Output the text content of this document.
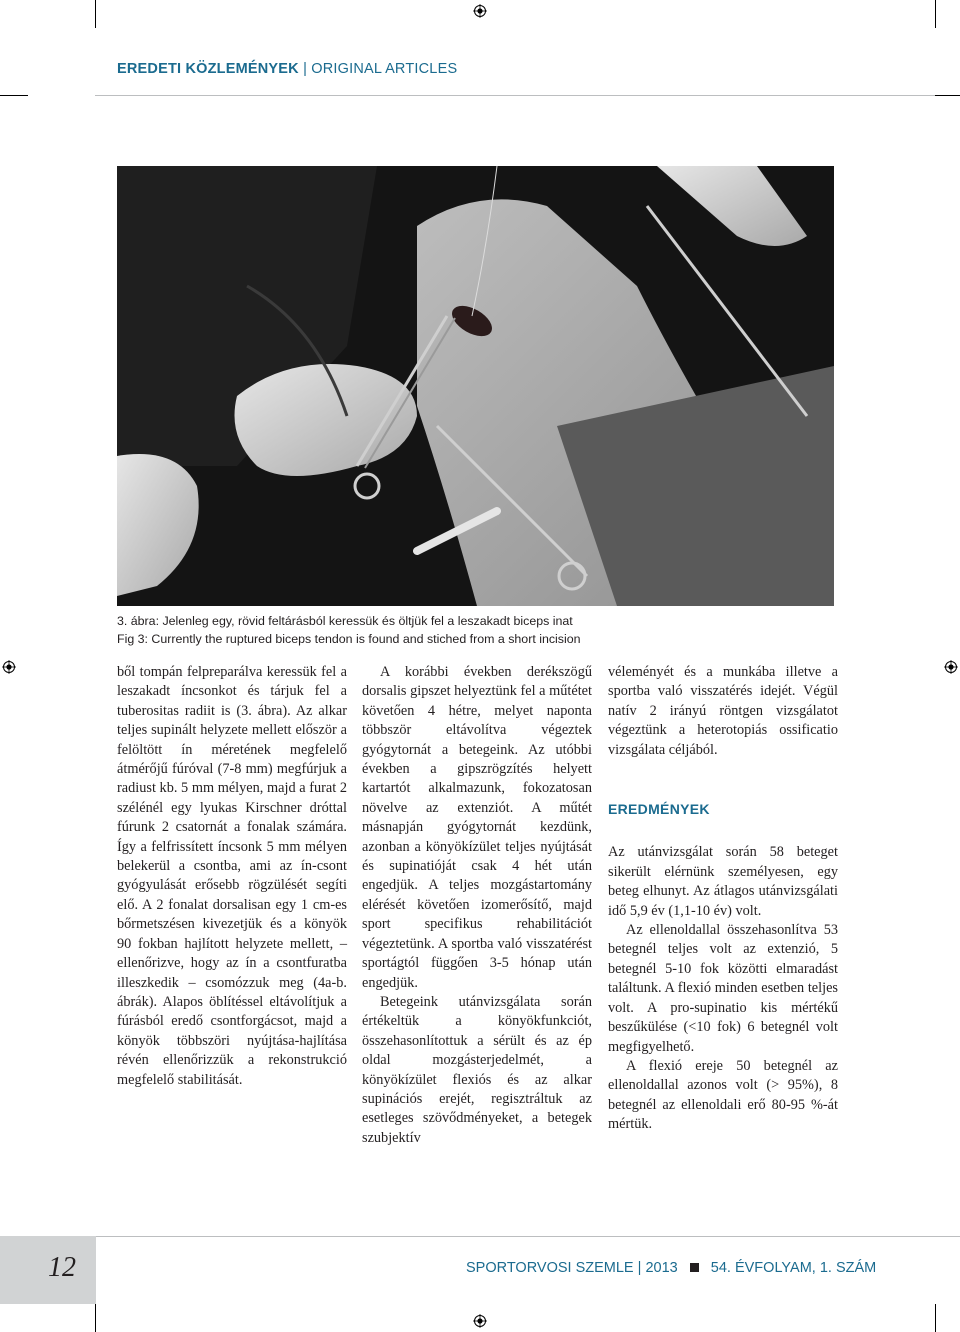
EREDETI KÖZLEMÉNYEK | ORIGINAL ARTICLES
3. ábra: Jelenleg egy, rövid feltárásból keressük és öltjük fel a leszakadt biceps inat
Fig 3: Currently the ruptured biceps tendon is found and stiched from a short incision

ből tompán felpreparálva keressük fel a leszakadt íncsonkot és tárjuk fel a tuberositas radiit is (3. ábra). Az alkar teljes supinált helyzete mellett először a felöltött ín méretének megfelelő átmérőjű fúróval (7-8 mm) megfúrjuk a radiust kb. 5 mm mélyen, majd a furat 2 szélénél egy lyukas Kirschner dróttal fúrunk 2 csatornát a fonalak számára. Így a felfrissített íncsonk 5 mm mélyen belekerül a csontba, ami az ín-csont gyógyulását erősebb rögzülését segíti elő. A 2 fonalat dorsalisan egy 1 cm-es bőrmetszésen kivezetjük és a könyök 90 fokban hajlított helyzete mellett, – ellenőrizve, hogy az ín a csontfuratba illeszkedik – csomózzuk meg (4a-b. ábrák). Alapos öblítéssel eltávolítjuk a fúrásból eredő csontforgácsot, majd a könyök többszöri nyújtása-hajlítása révén ellenőrizzük a rekonstrukció megfelelő stabilitását.

A korábbi években derékszögű dorsalis gipszet helyeztünk fel a műtétet követően 4 hétre, melyet naponta többször eltávolítva végeztek gyógytornát a betegeink. Az utóbbi években a gipszrögzítés helyett kartartót alkalmazunk, fokozatosan növelve az extenziót. A műtét másnapján gyógytornát kezdünk, azonban a könyökízület teljes nyújtását és supinatióját csak 4 hét után engedjük. A teljes mozgástartomány elérését követően izomerősítő, majd sport specifikus rehabilitációt végeztetünk. A sportba való visszatérést sportágtól függően 3-5 hónap után engedjük.

Betegeink utánvizsgálata során értékeltük a könyökfunkciót, összehasonlítottuk a sérült és az ép oldal mozgásterjedelmét, a könyökízület flexiós és az alkar supinációs erejét, regisztráltuk az esetleges szövődményeket, a betegek szubjektív

véleményét és a munkába illetve a sportba való visszatérés idejét. Végül natív 2 irányú röntgen vizsgálatot végeztünk a heterotopiás ossificatio vizsgálata céljából.

EREDMÉNYEK

Az utánvizsgálat során 58 beteget sikerült elérnünk személyesen, egy beteg elhunyt. Az átlagos utánvizsgálati idő 5,9 év (1,1-10 év) volt.

Az ellenoldallal összehasonlítva 53 betegnél teljes volt az extenzió, 5 betegnél 5-10 fok közötti elmaradást találtunk. A flexió minden esetben teljes volt. A pro-supinatio kis mértékű beszűkülése (<10 fok) 6 betegnél volt megfigyelhető.

A flexió ereje 50 betegnél az ellenoldallal azonos volt (> 95%), 8 betegnél az ellenoldali erő 80-95 %-át mértük.

12	SPORTORVOSI SZEMLE | 2013 54. ÉVFOLYAM, 1. SZÁM
